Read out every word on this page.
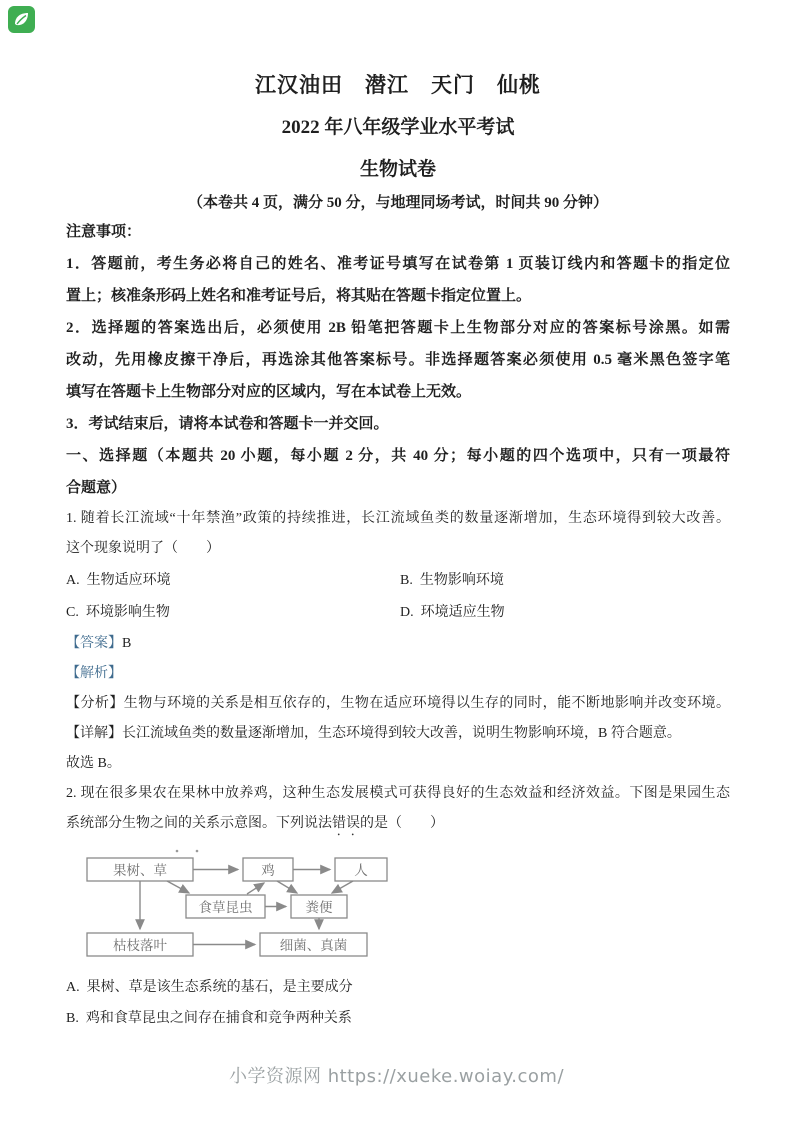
江汉油田　潜江　天门　仙桃
2022 年八年级学业水平考试
生物试卷
（本卷共 4 页，满分 50 分，与地理同场考试，时间共 90 分钟）
注意事项：
1．答题前，考生务必将自己的姓名、准考证号填写在试卷第 1 页装订线内和答题卡的指定位
置上；核准条形码上姓名和准考证号后，将其贴在答题卡指定位置上。
2．选择题的答案选出后，必须使用 2B 铅笔把答题卡上生物部分对应的答案标号涂黑。如需
改动，先用橡皮擦干净后，再选涂其他答案标号。非选择题答案必须使用 0.5 毫米黑色签字笔
填写在答题卡上生物部分对应的区域内，写在本试卷上无效。
3．考试结束后，请将本试卷和答题卡一并交回。
一、选择题（本题共 20 小题，每小题 2 分，共 40 分；每小题的四个选项中，只有一项最符
合题意）
1. 随着长江流域“十年禁渔”政策的持续推进，长江流域鱼类的数量逐渐增加，生态环境得到较大改善。
这个现象说明了（　　）
A. 生物适应环境	B. 生物影响环境
C. 环境影响生物	D. 环境适应生物
【答案】B
【解析】
【分析】生物与环境的关系是相互依存的，生物在适应环境得以生存的同时，能不断地影响并改变环境。
【详解】长江流域鱼类的数量逐渐增加，生态环境得到较大改善，说明生物影响环境，B 符合题意。
故选 B。
2. 现在很多果农在果林中放养鸡，这种生态发展模式可获得良好的生态效益和经济效益。下图是果园生态
系统部分生物之间的关系示意图。下列说法错误的是（　　）
果树、草	鸡	人
食草昆虫	粪便
枯枝落叶	细菌、真菌
A. 果树、草是该生态系统的基石，是主要成分
B. 鸡和食草昆虫之间存在捕食和竞争两种关系
小学资源网 https://xueke.woiay.com/
